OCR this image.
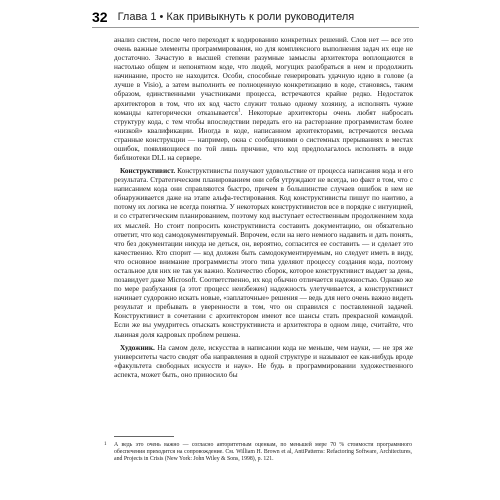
32 Глава 1 • Как привыкнуть к роли руководителя

анализ систем, после чего переходят к кодированию конкретных решений. Слов нет — все это очень важные элементы программирования, но для комплексного выполнения задач их еще не достаточно. Зачастую в высшей степени разумные замыслы архитектора воплощаются в настолько общем и непонятном коде, что людей, могущих разобраться в нем и продолжить начинание, просто не находится. Особи, способные генерировать удачную идею в голове (а лучше в Visio), а затем выполнить ее полноценную конкретизацию в коде, становясь, таким образом, единственными участниками процесса, встречаются крайне редко. Недостаток архитекторов в том, что их код часто служит только одному хозяину, а исполнять чужие команды категорически отказывается$^1$. Некоторые архитекторы очень любят набросать структуру кода, с тем чтобы впоследствии передать его на растерзание программистам более «низкой» квалификации. Иногда в коде, написанном архитекторами, встречаются весьма странные конструкции — например, окна с сообщениями о системных прерываниях в местах ошибок, появляющиеся по той лишь причине, что код предполагалось исполнять в виде библиотеки DLL на сервере.

Конструктивист. Конструктивисты получают удовольствие от процесса написания кода и его результата. Стратегическим планированием они себя утруждают не всегда, но факт в том, что с написанием кода они справляются быстро, причем в большинстве случаев ошибок в нем не обнаруживается даже на этапе альфа-тестирования. Код конструктивисты пишут по наитию, а потому их логика не всегда понятна. У некоторых конструктивистов все в порядке с интуицией, и со стратегическим планированием, поэтому код выступает естественным продолжением хода их мыслей. Но стоит попросить конструктивиста составить документацию, он обязательно ответит, что код самодокументируемый. Впрочем, если на него немного надавить и дать понять, что без документации никуда не деться, он, вероятно, согласится ее составить — и сделает это качественно. Кто спорит — код должен быть самодокументируемым, но следует иметь в виду, что основное внимание программисты этого типа уделяют процессу создания кода, поэтому остальное для них не так уж важно. Количество сборок, которое конструктивист выдает за день, позавидует даже Microsoft. Соответственно, их код обычно отличается надежностью. Однако же по мере разбухания (а этот процесс неизбежен) надежность улетучивается, а конструктивист начинает судорожно искать новые, «заплаточные» решения — ведь для него очень важно видеть результат и пребывать в уверенности в том, что он справился с поставленной задачей. Конструктивист в сочетании с архитектором имеют все шансы стать прекрасной командой. Если же вы умудритесь отыскать конструктивиста и архитектора в одном лице, считайте, что львиная доля кадровых проблем решена.

Художник. На самом деле, искусства в написании кода не меньше, чем науки, — не зря же университеты часто сводят оба направления в одной структуре и называют ее как-нибудь вроде «факультета свободных искусств и наук». Не будь в программировании художественного аспекта, может быть, оно приносило бы

1 А ведь это очень важно — согласно авторитетным оценкам, по меньшей мере 70 % стоимости программного обеспечения приходится на сопровождение. См. William H. Brown et al, AntiPatterns: Refactoring Software, Architectures, and Projects in Crisis (New York: John Wiley & Sons, 1998), p. 121.
